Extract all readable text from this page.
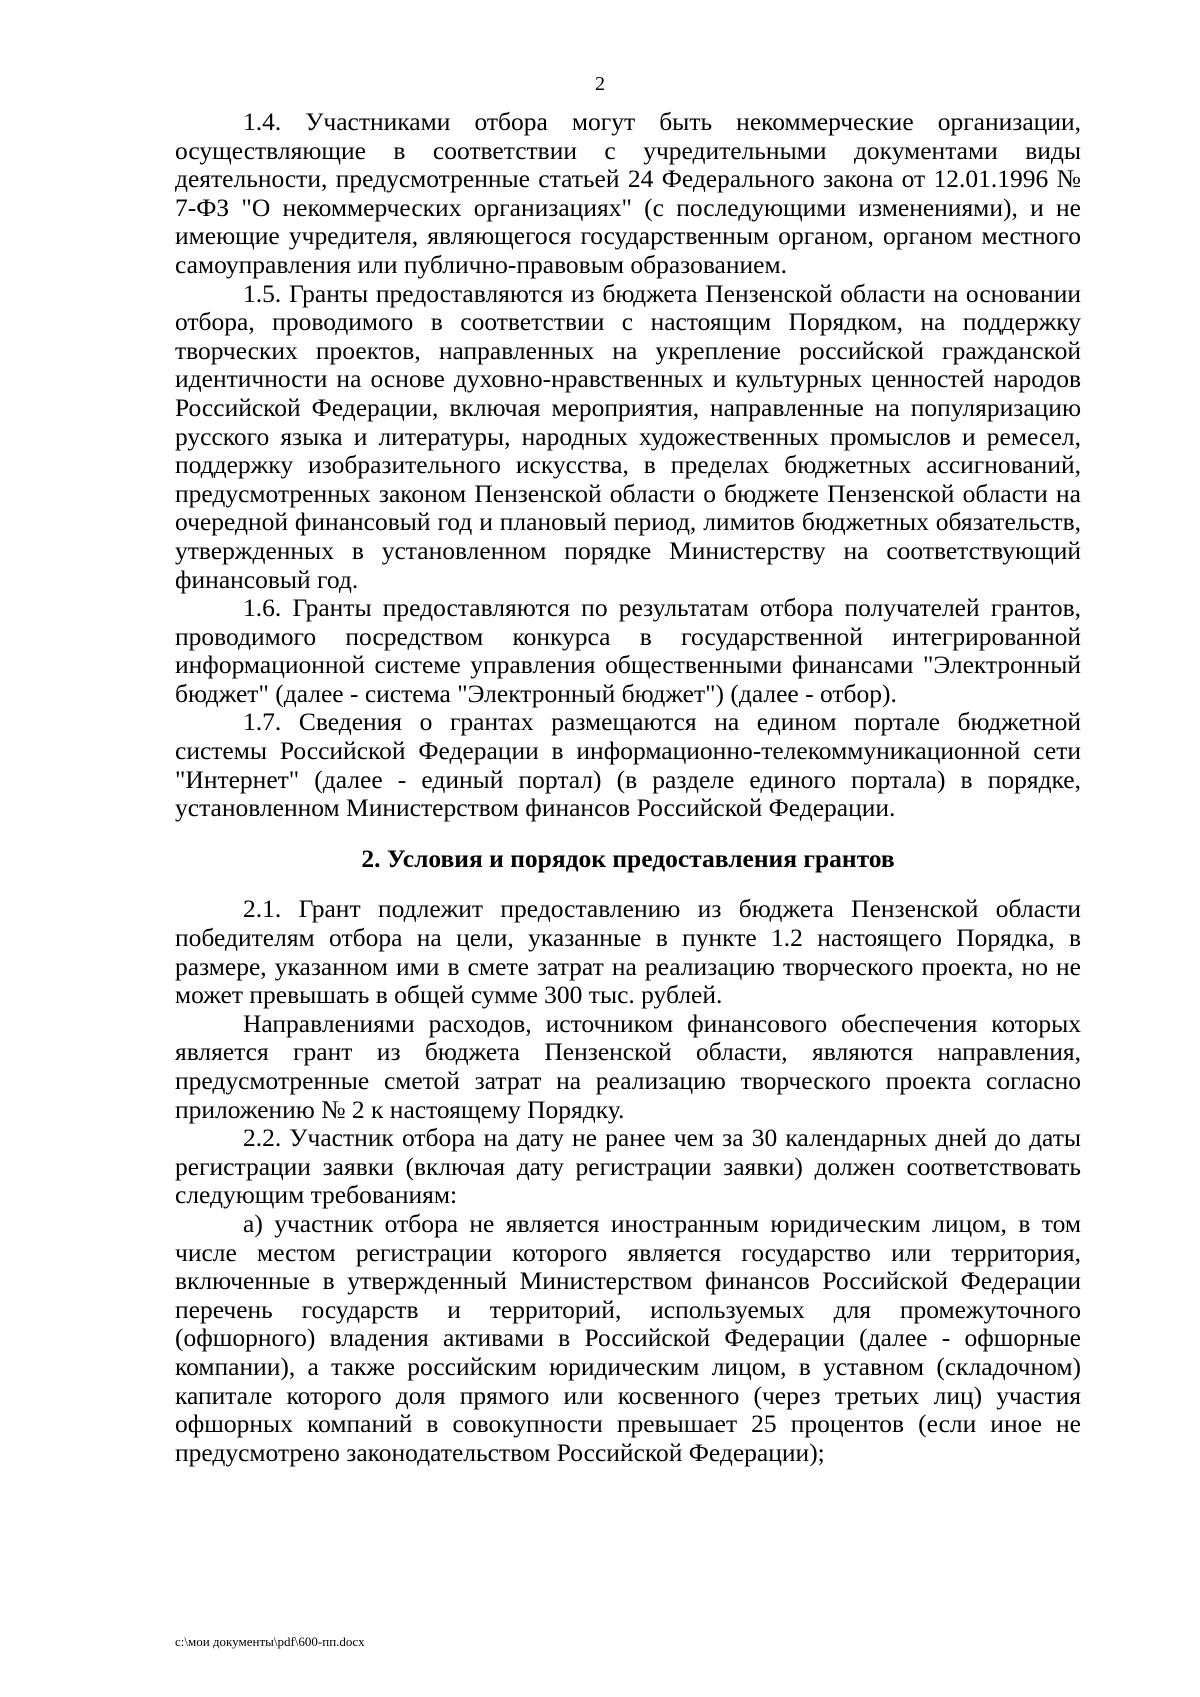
2

1.4. Участниками отбора могут быть некоммерческие организации, осуществляющие в соответствии с учредительными документами виды деятельности, предусмотренные статьей 24 Федерального закона от 12.01.1996 № 7-ФЗ "О некоммерческих организациях" (с последующими изменениями), и не имеющие учредителя, являющегося государственным органом, органом местного самоуправления или публично-правовым образованием.

1.5. Гранты предоставляются из бюджета Пензенской области на основании отбора, проводимого в соответствии с настоящим Порядком, на поддержку творческих проектов, направленных на укрепление российской гражданской идентичности на основе духовно-нравственных и культурных ценностей народов Российской Федерации, включая мероприятия, направленные на популяризацию русского языка и литературы, народных художественных промыслов и ремесел, поддержку изобразительного искусства, в пределах бюджетных ассигнований, предусмотренных законом Пензенской области о бюджете Пензенской области на очередной финансовый год и плановый период, лимитов бюджетных обязательств, утвержденных в установленном порядке Министерству на соответствующий финансовый год.

1.6. Гранты предоставляются по результатам отбора получателей грантов, проводимого посредством конкурса в государственной интегрированной информационной системе управления общественными финансами "Электронный бюджет" (далее - система "Электронный бюджет") (далее - отбор).

1.7. Сведения о грантах размещаются на едином портале бюджетной системы Российской Федерации в информационно-телекоммуникационной сети "Интернет" (далее - единый портал) (в разделе единого портала) в порядке, установленном Министерством финансов Российской Федерации.

2. Условия и порядок предоставления грантов

2.1. Грант подлежит предоставлению из бюджета Пензенской области победителям отбора на цели, указанные в пункте 1.2 настоящего Порядка, в размере, указанном ими в смете затрат на реализацию творческого проекта, но не может превышать в общей сумме 300 тыс. рублей.

Направлениями расходов, источником финансового обеспечения которых является грант из бюджета Пензенской области, являются направления, предусмотренные сметой затрат на реализацию творческого проекта согласно приложению № 2 к настоящему Порядку.

2.2. Участник отбора на дату не ранее чем за 30 календарных дней до даты регистрации заявки (включая дату регистрации заявки) должен соответствовать следующим требованиям:

а) участник отбора не является иностранным юридическим лицом, в том числе местом регистрации которого является государство или территория, включенные в утвержденный Министерством финансов Российской Федерации перечень государств и территорий, используемых для промежуточного (офшорного) владения активами в Российской Федерации (далее - офшорные компании), а также российским юридическим лицом, в уставном (складочном) капитале которого доля прямого или косвенного (через третьих лиц) участия офшорных компаний в совокупности превышает 25 процентов (если иное не предусмотрено законодательством Российской Федерации);

c:\мои документы\pdf\600-пп.docx
